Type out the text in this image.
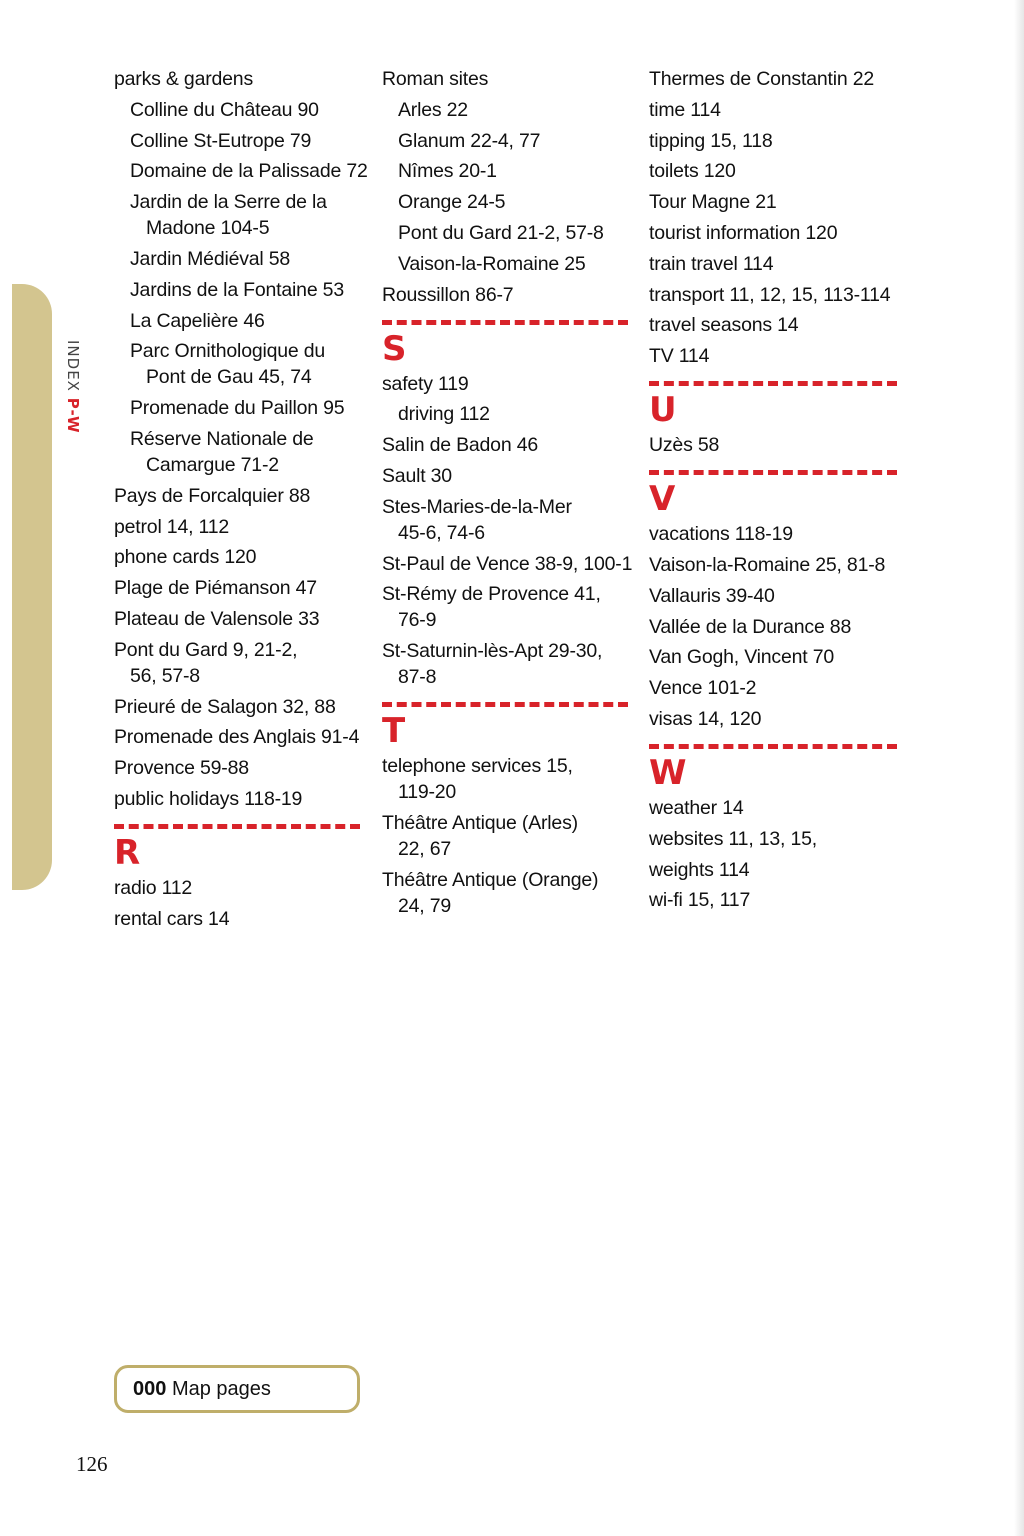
INDEX P-W
parks & gardens
Colline du Château 90
Colline St-Eutrope 79
Domaine de la Palissade 72
Jardin de la Serre de la
Madone 104-5
Jardin Médiéval 58
Jardins de la Fontaine 53
La Capelière 46
Parc Ornithologique du
Pont de Gau 45, 74
Promenade du Paillon 95
Réserve Nationale de
Camargue 71-2
Pays de Forcalquier 88
petrol 14, 112
phone cards 120
Plage de Piémanson 47
Plateau de Valensole 33
Pont du Gard 9, 21-2,
56, 57-8
Prieuré de Salagon 32, 88
Promenade des Anglais 91-4
Provence 59-88
public holidays 118-19
R
radio 112
rental cars 14
Roman sites
Arles 22
Glanum 22-4, 77
Nîmes 20-1
Orange 24-5
Pont du Gard 21-2, 57-8
Vaison-la-Romaine 25
Roussillon 86-7
S
safety 119
driving 112
Salin de Badon 46
Sault 30
Stes-Maries-de-la-Mer
45-6, 74-6
St-Paul de Vence 38-9, 100-1
St-Rémy de Provence 41,
76-9
St-Saturnin-lès-Apt 29-30,
87-8
T
telephone services 15,
119-20
Théâtre Antique (Arles)
22, 67
Théâtre Antique (Orange)
24, 79
Thermes de Constantin 22
time 114
tipping 15, 118
toilets 120
Tour Magne 21
tourist information 120
train travel 114
transport 11, 12, 15, 113-114
travel seasons 14
TV 114
U
Uzès 58
V
vacations 118-19
Vaison-la-Romaine 25, 81-8
Vallauris 39-40
Vallée de la Durance 88
Van Gogh, Vincent 70
Vence 101-2
visas 14, 120
W
weather 14
websites 11, 13, 15,
weights 114
wi-fi 15, 117
000 Map pages
126
